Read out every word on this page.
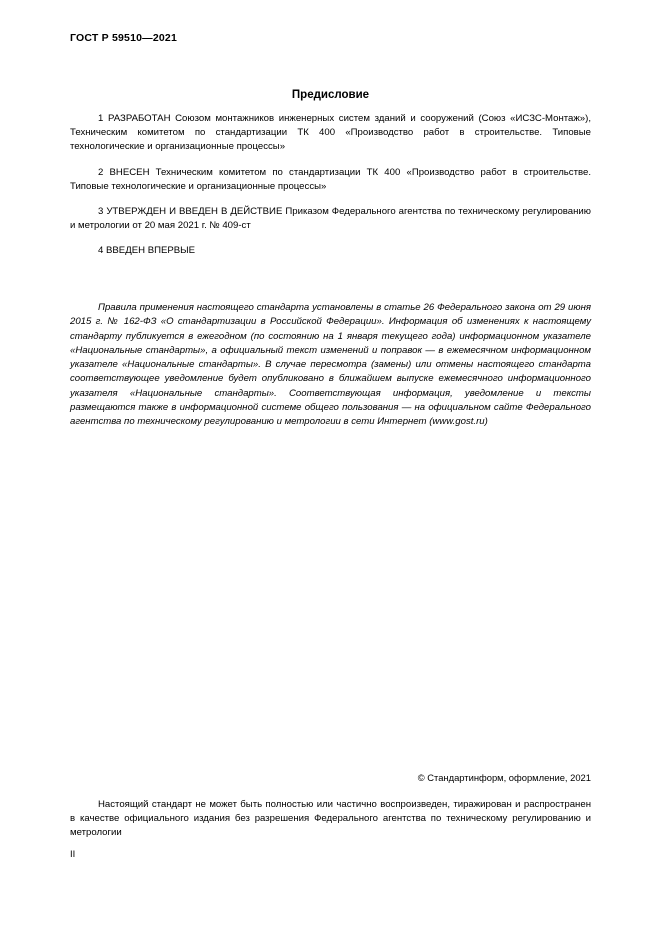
ГОСТ Р 59510—2021
Предисловие

1 РАЗРАБОТАН Союзом монтажников инженерных систем зданий и сооружений (Союз «ИСЗС-Монтаж»), Техническим комитетом по стандартизации ТК 400 «Производство работ в строительстве. Типовые технологические и организационные процессы»

2 ВНЕСЕН Техническим комитетом по стандартизации ТК 400 «Производство работ в строительстве. Типовые технологические и организационные процессы»

3 УТВЕРЖДЕН И ВВЕДЕН В ДЕЙСТВИЕ Приказом Федерального агентства по техническому регулированию и метрологии от 20 мая 2021 г. № 409-ст

4 ВВЕДЕН ВПЕРВЫЕ

Правила применения настоящего стандарта установлены в статье 26 Федерального закона от 29 июня 2015 г. № 162-ФЗ «О стандартизации в Российской Федерации». Информация об изменениях к настоящему стандарту публикуется в ежегодном (по состоянию на 1 января текущего года) информационном указателе «Национальные стандарты», а официальный текст изменений и поправок — в ежемесячном информационном указателе «Национальные стандарты». В случае пересмотра (замены) или отмены настоящего стандарта соответствующее уведомление будет опубликовано в ближайшем выпуске ежемесячного информационного указателя «Национальные стандарты». Соответствующая информация, уведомление и тексты размещаются также в информационной системе общего пользования — на официальном сайте Федерального агентства по техническому регулированию и метрологии в сети Интернет (www.gost.ru)

© Стандартинформ, оформление, 2021

Настоящий стандарт не может быть полностью или частично воспроизведен, тиражирован и распространен в качестве официального издания без разрешения Федерального агентства по техническому регулированию и метрологии

II
